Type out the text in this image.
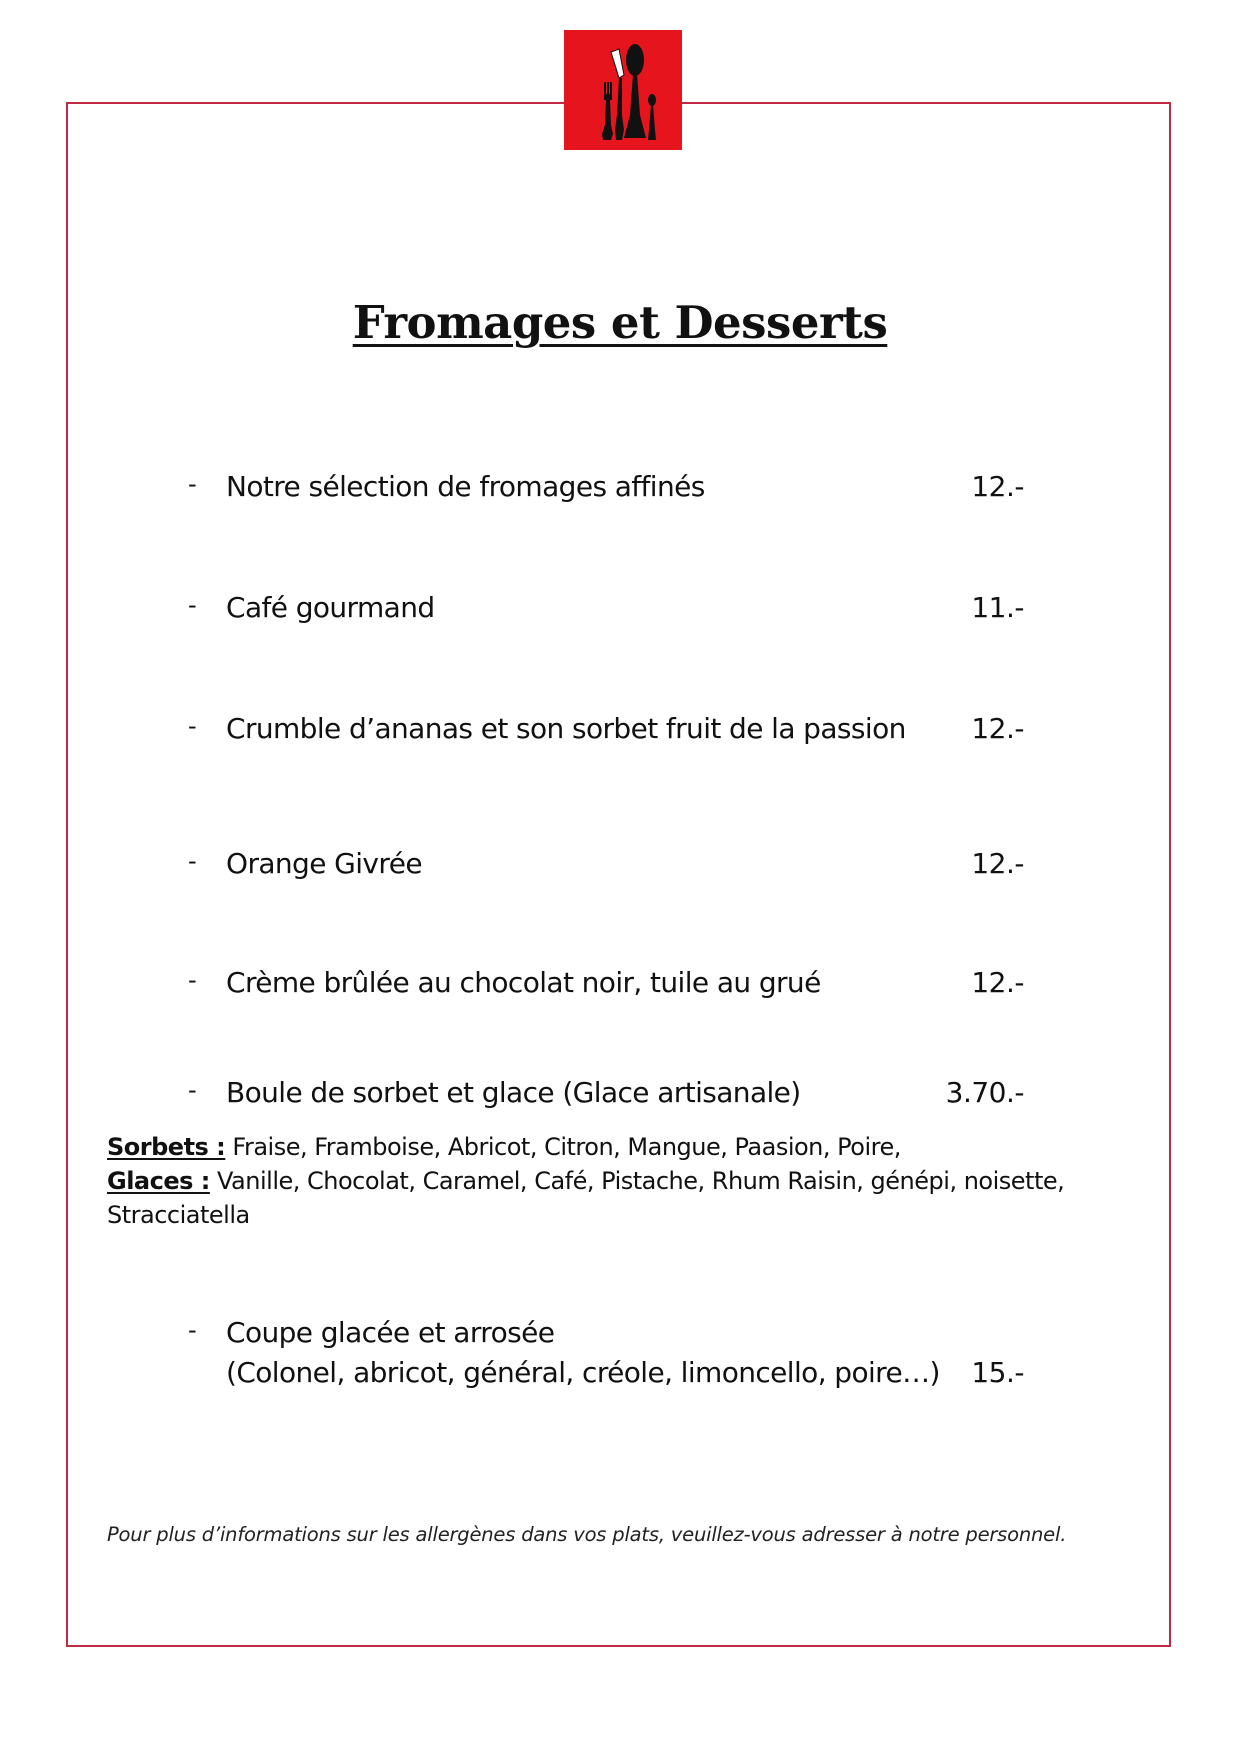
Fromages et Desserts
- Notre sélection de fromages affinés	12.-
- Café gourmand	11.-
- Crumble d’ananas et son sorbet fruit de la passion 12.-
- Orange Givrée	12.-
- Crème brûlée au chocolat noir, tuile au grué	12.-
- Boule de sorbet et glace (Glace artisanale)	3.70.-
Sorbets : Fraise, Framboise, Abricot, Citron, Mangue, Paasion, Poire,
Glaces : Vanille, Chocolat, Caramel, Café, Pistache, Rhum Raisin, génépi, noisette,
Stracciatella
- Coupe glacée et arrosée
(Colonel, abricot, général, créole, limoncello, poire…) 15.-
Pour plus d’informations sur les allergènes dans vos plats, veuillez-vous adresser à notre personnel.
